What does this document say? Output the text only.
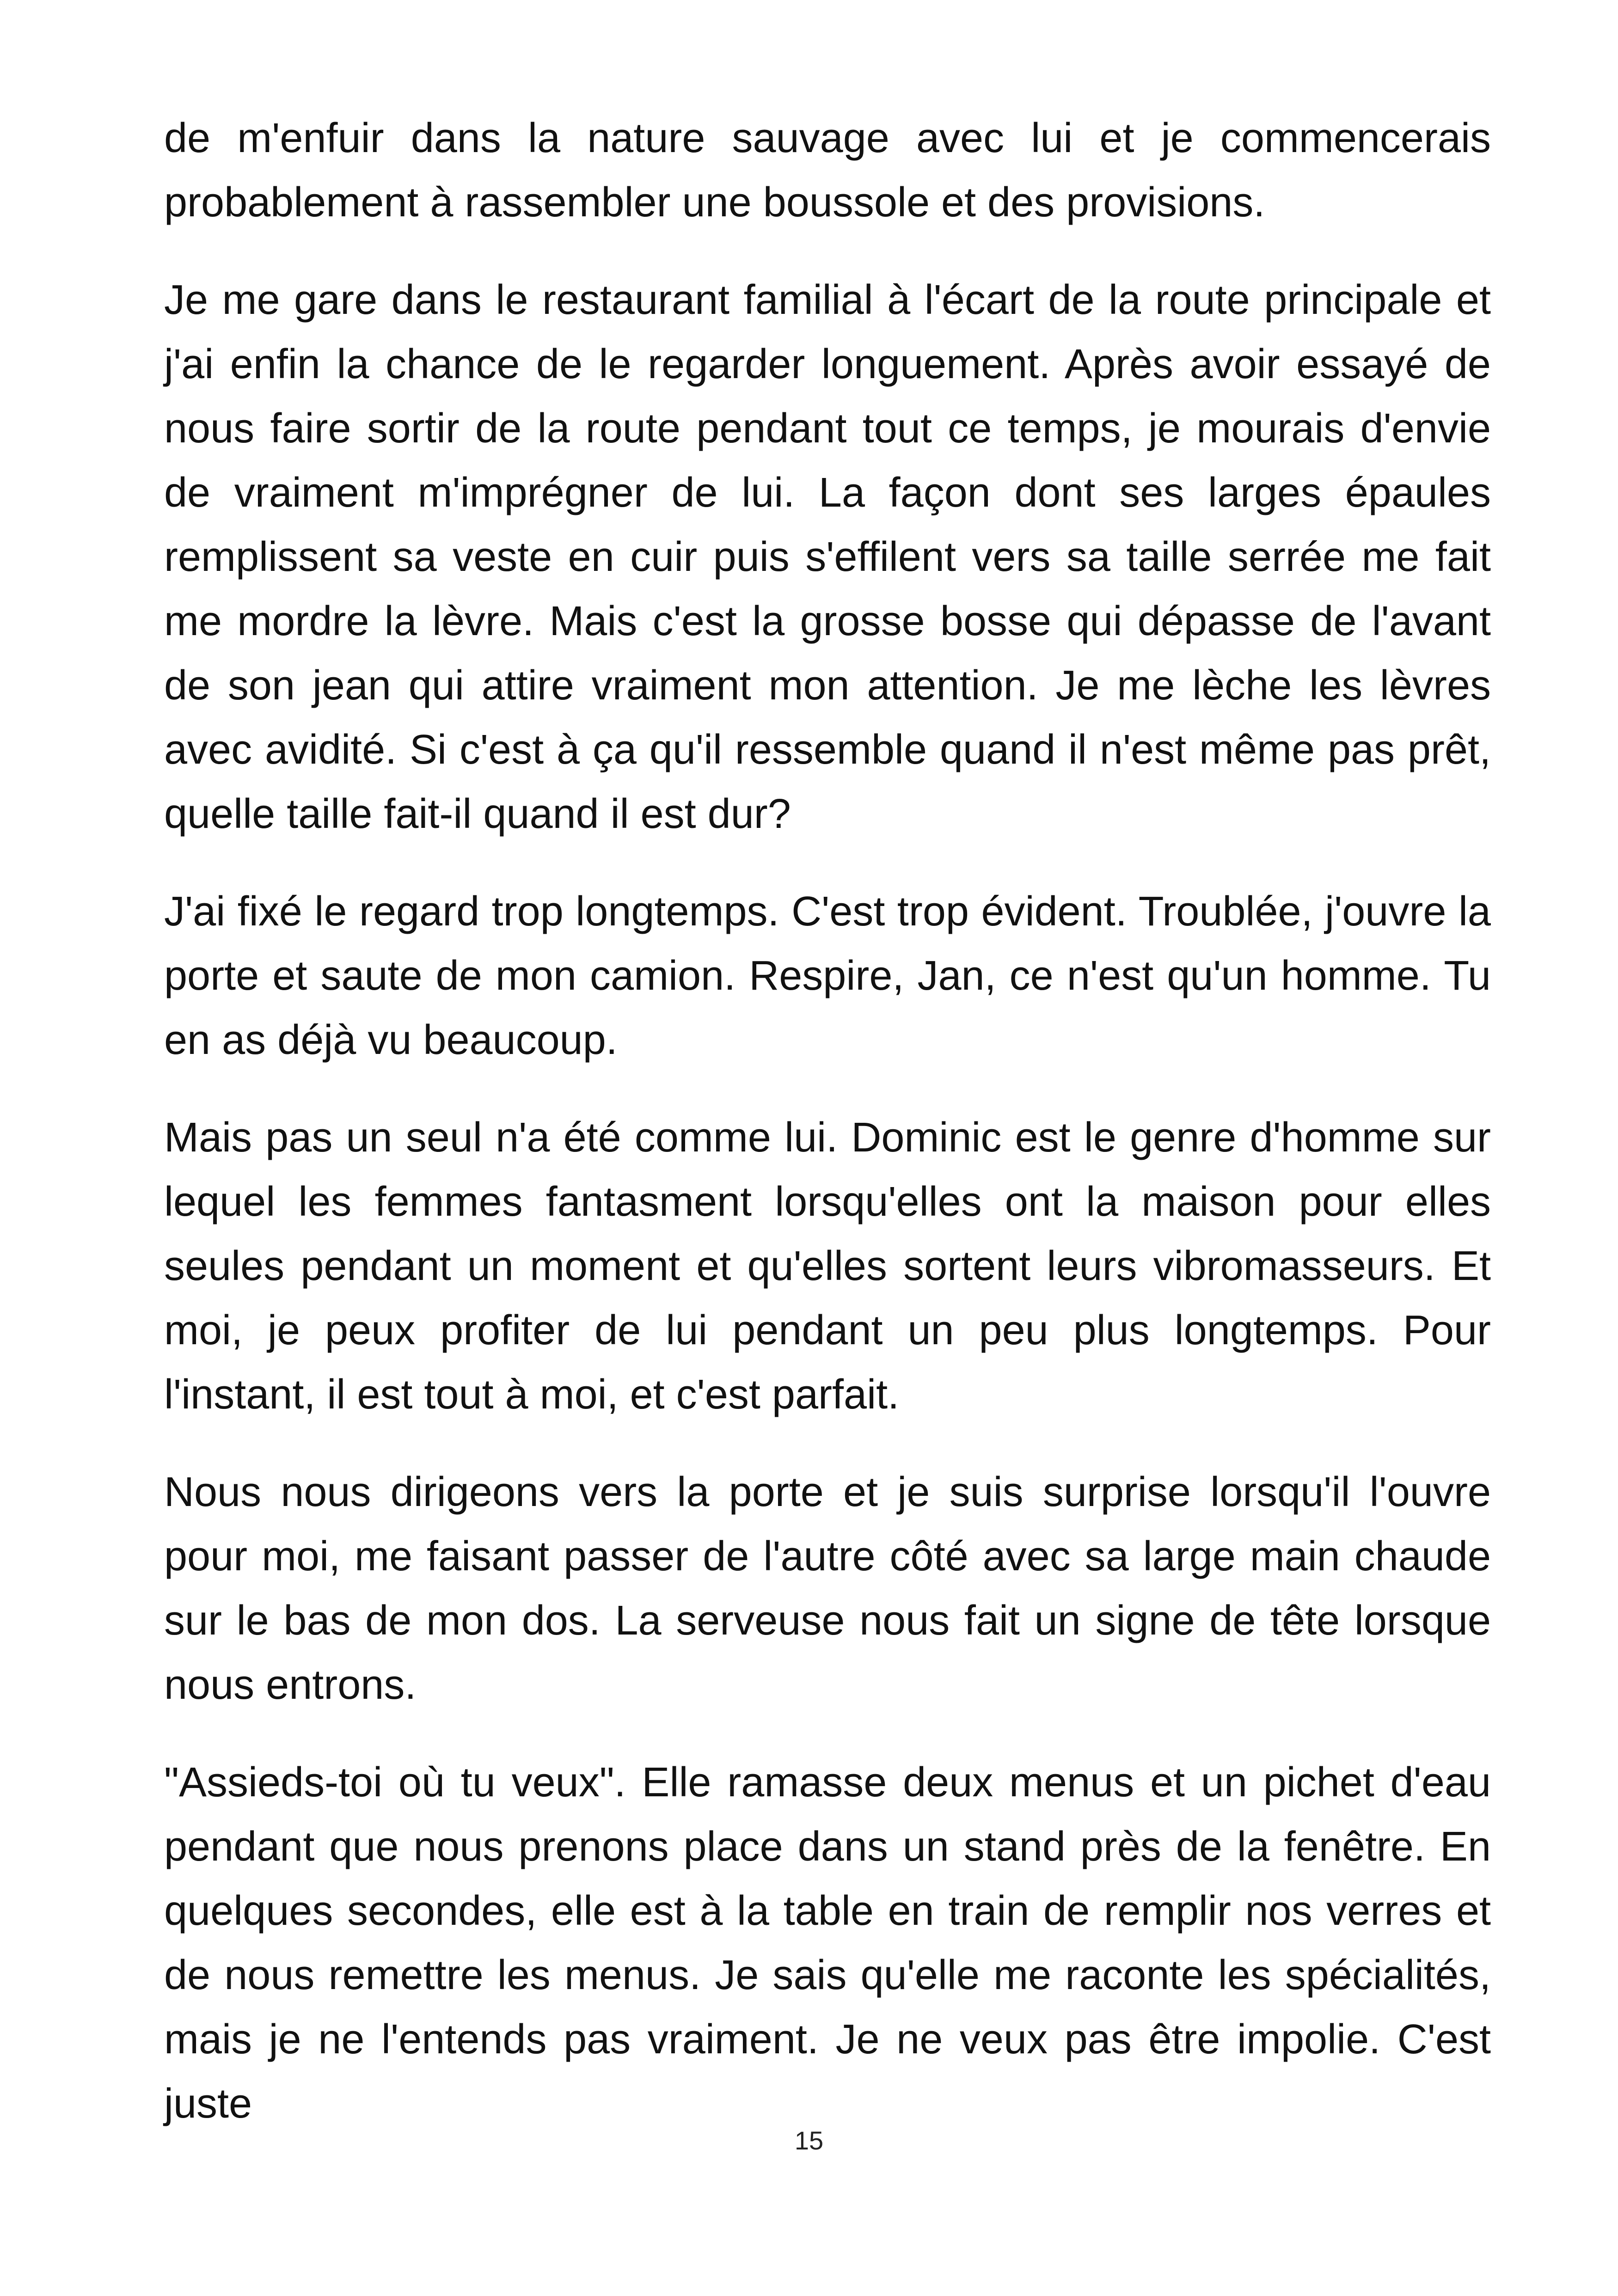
de m'enfuir dans la nature sauvage avec lui et je commencerais probablement à rassembler une boussole et des provisions.

Je me gare dans le restaurant familial à l'écart de la route principale et j'ai enfin la chance de le regarder longuement. Après avoir essayé de nous faire sortir de la route pendant tout ce temps, je mourais d'envie de vraiment m'imprégner de lui. La façon dont ses larges épaules remplissent sa veste en cuir puis s'effilent vers sa taille serrée me fait me mordre la lèvre. Mais c'est la grosse bosse qui dépasse de l'avant de son jean qui attire vraiment mon attention. Je me lèche les lèvres avec avidité. Si c'est à ça qu'il ressemble quand il n'est même pas prêt, quelle taille fait-il quand il est dur?

J'ai fixé le regard trop longtemps. C'est trop évident. Troublée, j'ouvre la porte et saute de mon camion. Respire, Jan, ce n'est qu'un homme. Tu en as déjà vu beaucoup.

Mais pas un seul n'a été comme lui. Dominic est le genre d'homme sur lequel les femmes fantasment lorsqu'elles ont la maison pour elles seules pendant un moment et qu'elles sortent leurs vibromasseurs. Et moi, je peux profiter de lui pendant un peu plus longtemps. Pour l'instant, il est tout à moi, et c'est parfait.

Nous nous dirigeons vers la porte et je suis surprise lorsqu'il l'ouvre pour moi, me faisant passer de l'autre côté avec sa large main chaude sur le bas de mon dos. La serveuse nous fait un signe de tête lorsque nous entrons.

"Assieds-toi où tu veux". Elle ramasse deux menus et un pichet d'eau pendant que nous prenons place dans un stand près de la fenêtre. En quelques secondes, elle est à la table en train de remplir nos verres et de nous remettre les menus. Je sais qu'elle me raconte les spécialités, mais je ne l'entends pas vraiment. Je ne veux pas être impolie. C'est juste

15
